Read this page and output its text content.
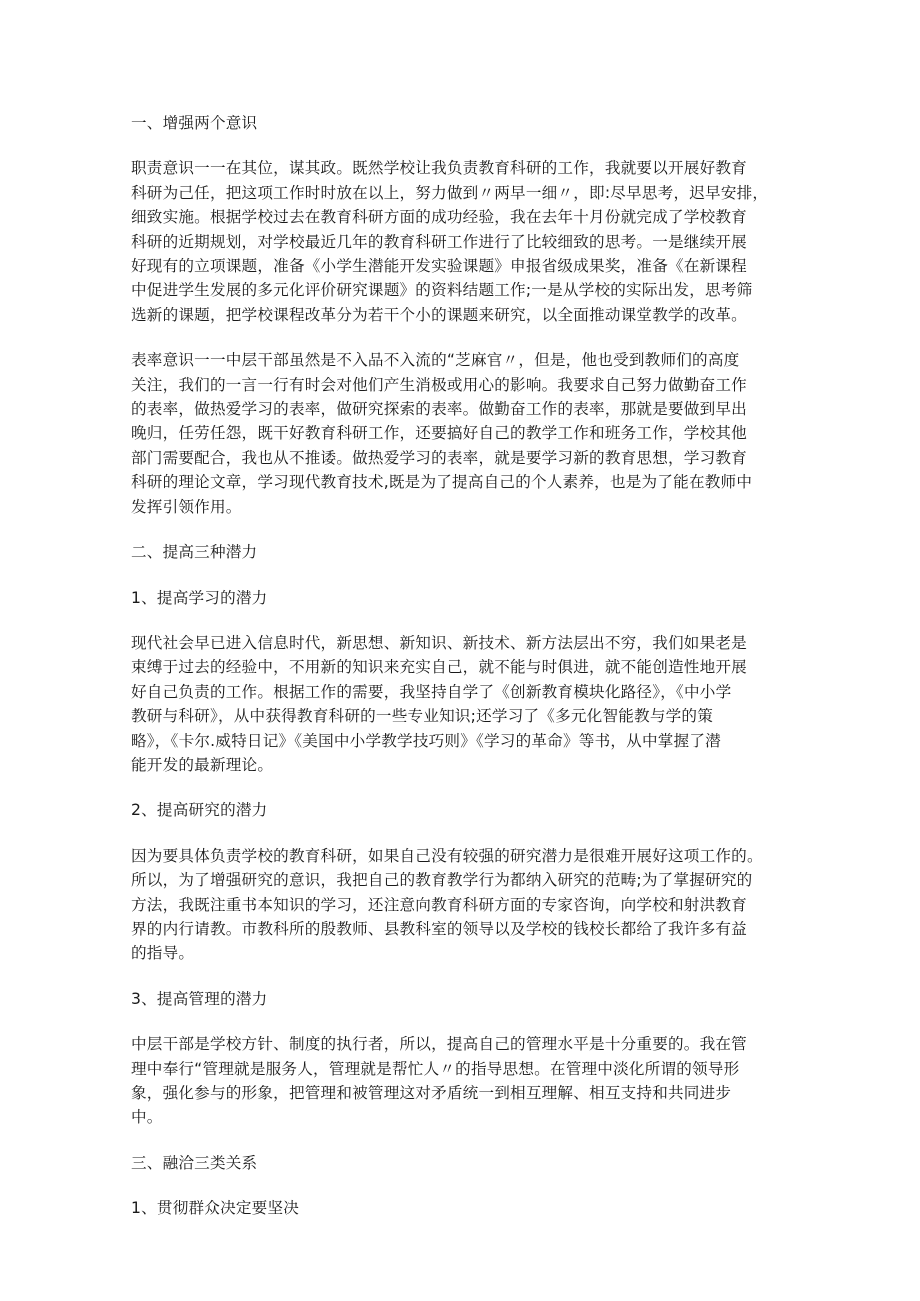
一、增强两个意识
职责意识一一在其位，谋其政。既然学校让我负责教育科研的工作，我就要以开展好教育
科研为己任，把这项工作时时放在以上，努力做到〃两早一细〃，即:尽早思考，迟早安排，
细致实施。根据学校过去在教育科研方面的成功经验，我在去年十月份就完成了学校教育
科研的近期规划，对学校最近几年的教育科研工作进行了比较细致的思考。一是继续开展
好现有的立项课题，准备《小学生潜能开发实验课题》申报省级成果奖，准备《在新课程
中促进学生发展的多元化评价研究课题》的资料结题工作;一是从学校的实际出发，思考筛
选新的课题，把学校课程改革分为若干个小的课题来研究，以全面推动课堂教学的改革。
表率意识一一中层干部虽然是不入品不入流的“芝麻官〃，但是，他也受到教师们的高度
关注，我们的一言一行有时会对他们产生消极或用心的影响。我要求自己努力做勤奋工作
的表率，做热爱学习的表率，做研究探索的表率。做勤奋工作的表率，那就是要做到早出
晚归，任劳任怨，既干好教育科研工作，还要搞好自己的教学工作和班务工作，学校其他
部门需要配合，我也从不推诿。做热爱学习的表率，就是要学习新的教育思想，学习教育
科研的理论文章，学习现代教育技术,既是为了提高自己的个人素养，也是为了能在教师中
发挥引领作用。
二、提高三种潜力
1、提高学习的潜力
现代社会早已进入信息时代，新思想、新知识、新技术、新方法层出不穷，我们如果老是
束缚于过去的经验中，不用新的知识来充实自己，就不能与时俱进，就不能创造性地开展
好自己负责的工作。根据工作的需要，我坚持自学了《创新教育模块化路径》，《中小学
教研与科研》，从中获得教育科研的一些专业知识;还学习了《多元化智能教与学的策
略》，《卡尔.威特日记》《美国中小学教学技巧则》《学习的革命》等书，从中掌握了潜
能开发的最新理论。
2、提高研究的潜力
因为要具体负责学校的教育科研，如果自己没有较强的研究潜力是很难开展好这项工作的。
所以，为了增强研究的意识，我把自己的教育教学行为都纳入研究的范畴;为了掌握研究的
方法，我既注重书本知识的学习，还注意向教育科研方面的专家咨询，向学校和射洪教育
界的内行请教。市教科所的殷教师、县教科室的领导以及学校的钱校长都给了我许多有益
的指导。
3、提高管理的潜力
中层干部是学校方针、制度的执行者，所以，提高自己的管理水平是十分重要的。我在管
理中奉行“管理就是服务人，管理就是帮忙人〃的指导思想。在管理中淡化所谓的领导形
象，强化参与的形象，把管理和被管理这对矛盾统一到相互理解、相互支持和共同进步
中。
三、融洽三类关系
1、贯彻群众决定要坚决
